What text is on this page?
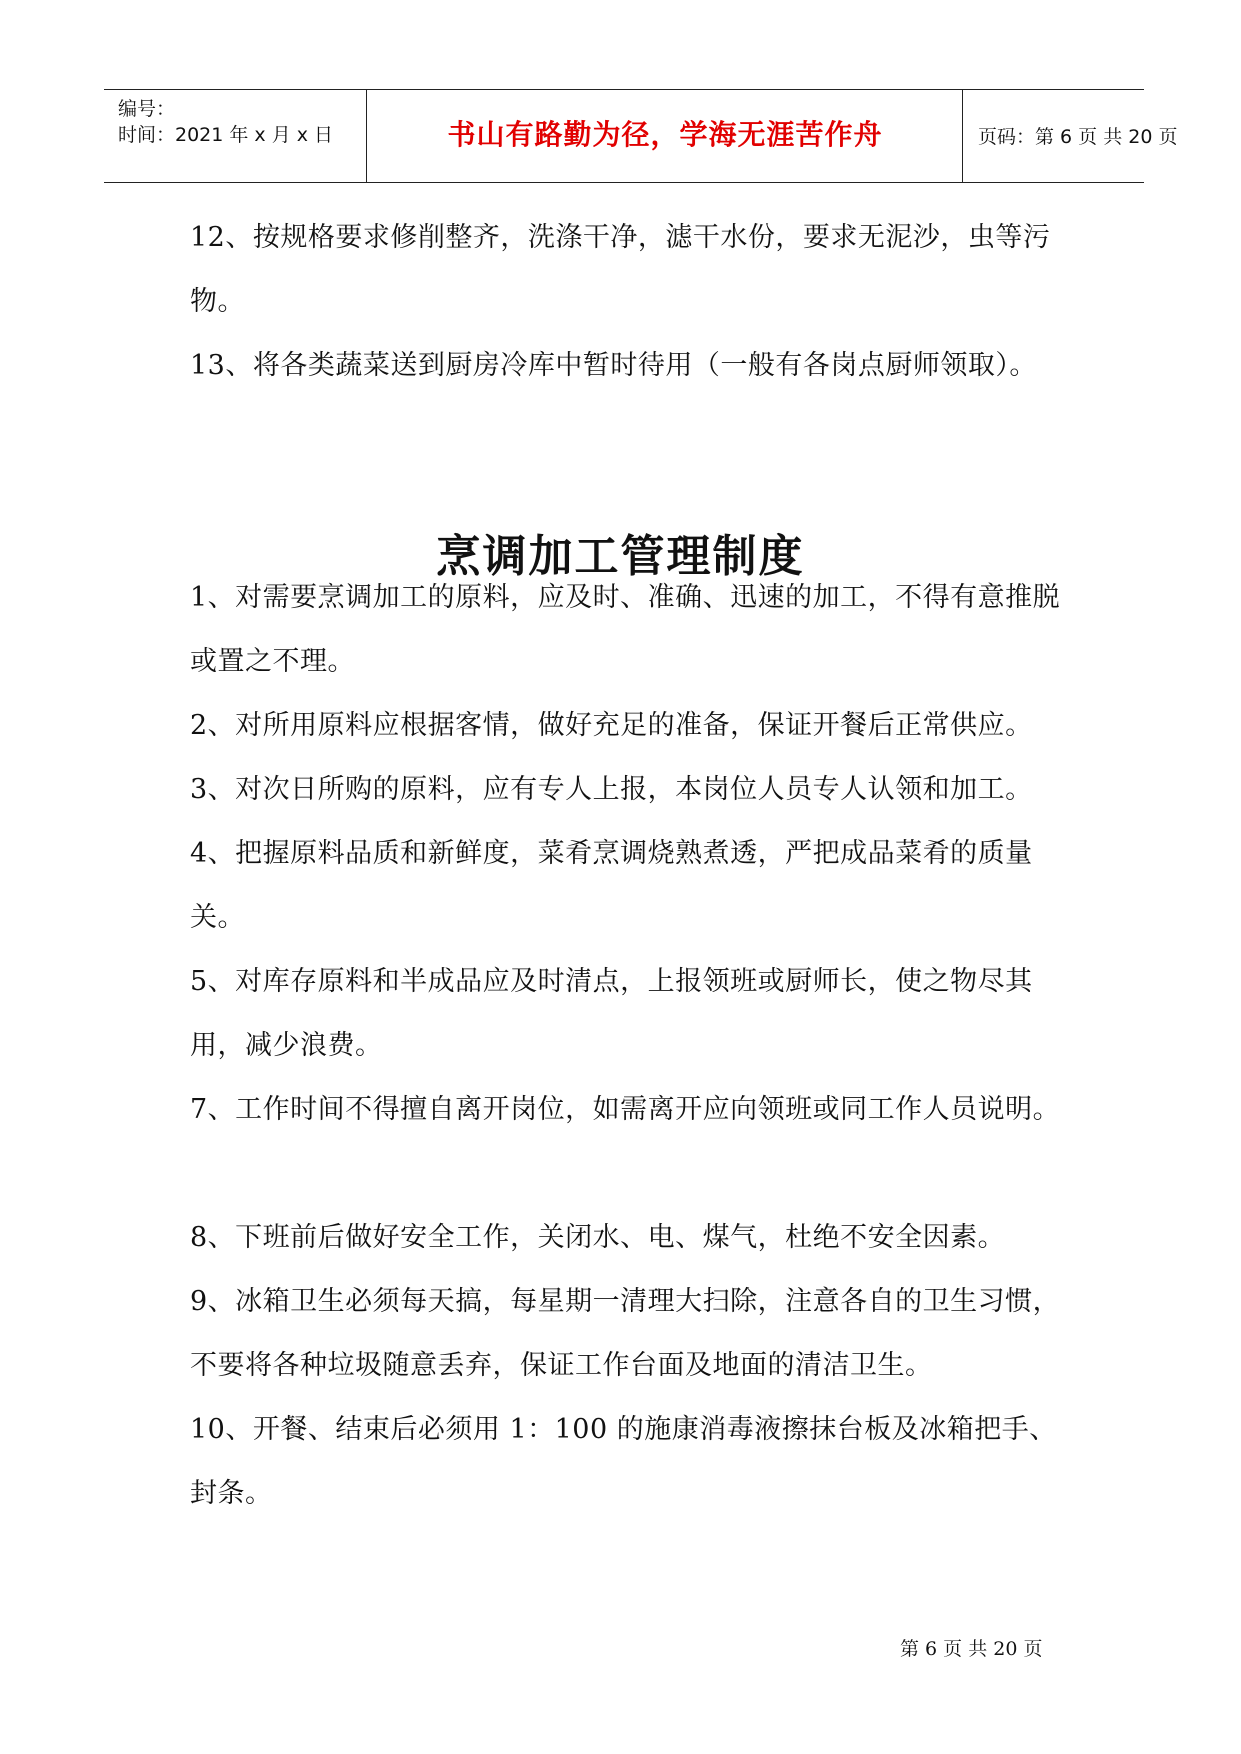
编号：
时间：2021 年 x 月 x 日	书山有路勤为径，学海无涯苦作舟	页码：第 6 页 共 20 页

12、按规格要求修削整齐，洗涤干净，滤干水份，要求无泥沙，虫等污物。

13、将各类蔬菜送到厨房冷库中暂时待用（一般有各岗点厨师领取）。

烹调加工管理制度

1、对需要烹调加工的原料，应及时、准确、迅速的加工，不得有意推脱或置之不理。

2、对所用原料应根据客情，做好充足的准备，保证开餐后正常供应。

3、对次日所购的原料，应有专人上报，本岗位人员专人认领和加工。

4、把握原料品质和新鲜度，菜肴烹调烧熟煮透，严把成品菜肴的质量关。

5、对库存原料和半成品应及时清点，上报领班或厨师长，使之物尽其用，减少浪费。

7、工作时间不得擅自离开岗位，如需离开应向领班或同工作人员说明。

8、下班前后做好安全工作，关闭水、电、煤气，杜绝不安全因素。

9、冰箱卫生必须每天搞，每星期一清理大扫除，注意各自的卫生习惯，不要将各种垃圾随意丢弃，保证工作台面及地面的清洁卫生。

10、开餐、结束后必须用 1：100 的施康消毒液擦抹台板及冰箱把手、封条。

第 6 页 共 20 页
